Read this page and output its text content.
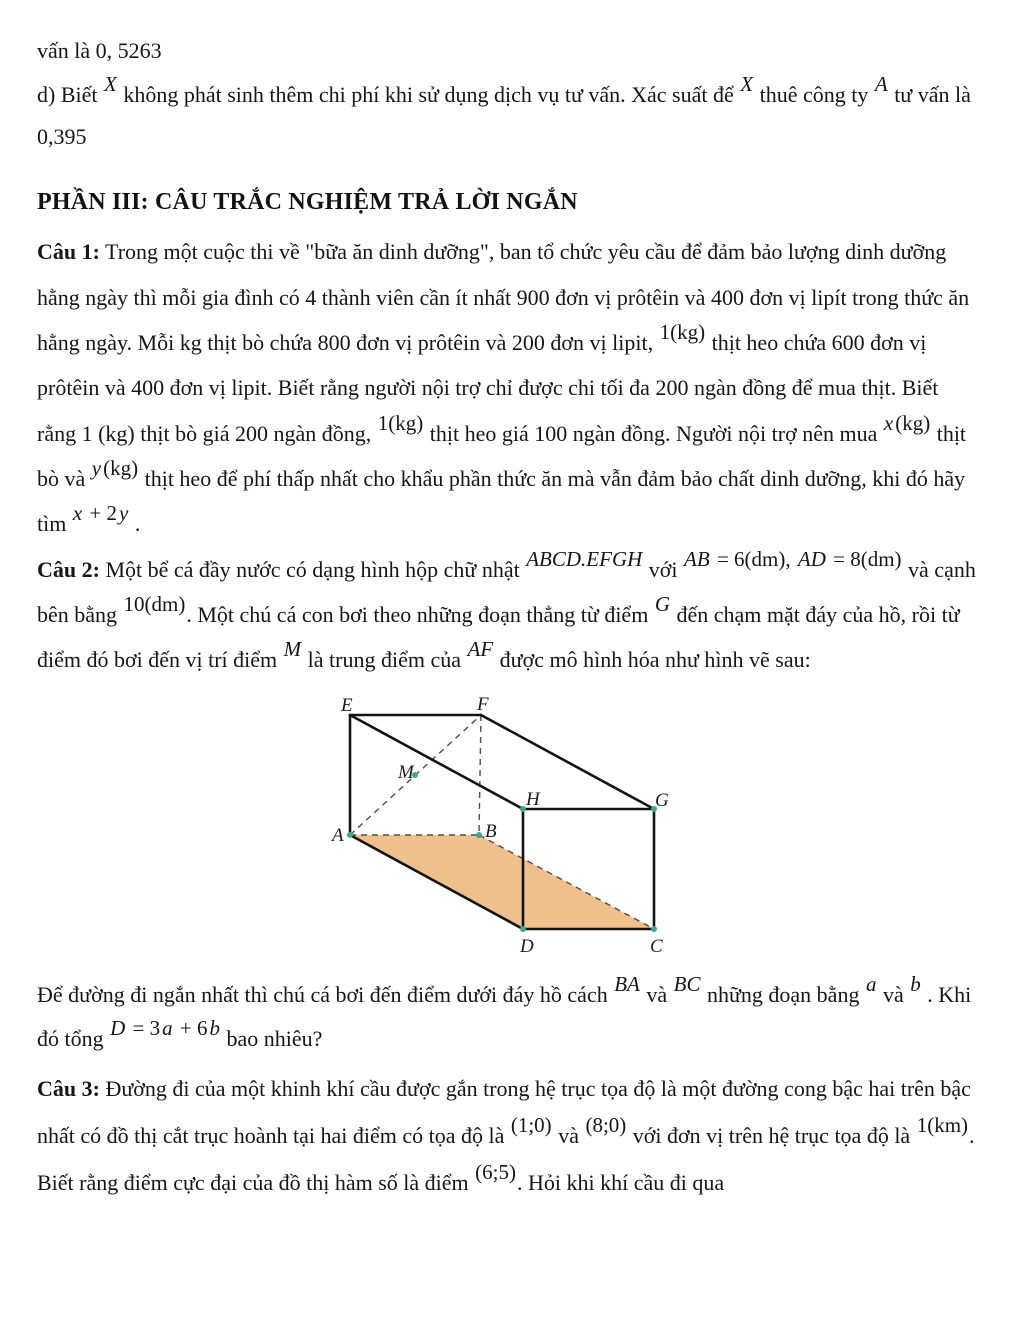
vấn là 0, 5263

d) Biết X không phát sinh thêm chi phí khi sử dụng dịch vụ tư vấn. Xác suất để X thuê công ty A tư vấn là 0,395

PHẦN III: CÂU TRẮC NGHIỆM TRẢ LỜI NGẮN

Câu 1: Trong một cuộc thi về "bữa ăn dinh dưỡng", ban tổ chức yêu cầu để đảm bảo lượng dinh dưỡng hằng ngày thì mỗi gia đình có 4 thành viên cần ít nhất 900 đơn vị prôtêin và 400 đơn vị lipít trong thức ăn hằng ngày. Mỗi kg thịt bò chứa 800 đơn vị prôtêin và 200 đơn vị lipit, 1(kg) thịt heo chứa 600 đơn vị prôtêin và 400 đơn vị lipit. Biết rằng người nội trợ chỉ được chi tối đa 200 ngàn đồng để mua thịt. Biết rằng 1 (kg) thịt bò giá 200 ngàn đồng, 1(kg) thịt heo giá 100 ngàn đồng. Người nội trợ nên mua x(kg) thịt bò và y(kg) thịt heo để phí thấp nhất cho khẩu phần thức ăn mà vẫn đảm bảo chất dinh dưỡng, khi đó hãy tìm x + 2y .

Câu 2: Một bể cá đầy nước có dạng hình hộp chữ nhật ABCD.EFGH với AB = 6(dm), AD = 8(dm) và cạnh bên bằng 10(dm). Một chú cá con bơi theo những đoạn thẳng từ điểm G đến chạm mặt đáy của hồ, rồi từ điểm đó bơi đến vị trí điểm M là trung điểm của AF được mô hình hóa như hình vẽ sau:

E	F
M
A	B
H	G
D	C

Để đường đi ngắn nhất thì chú cá bơi đến điểm dưới đáy hồ cách BA và BC những đoạn bằng a và b . Khi đó tổng D = 3a + 6b bao nhiêu?

Câu 3: Đường đi của một khinh khí cầu được gắn trong hệ trục tọa độ là một đường cong bậc hai trên bậc nhất có đồ thị cắt trục hoành tại hai điểm có tọa độ là (1;0) và (8;0) với đơn vị trên hệ trục tọa độ là 1(km). Biết rằng điểm cực đại của đồ thị hàm số là điểm (6;5). Hỏi khi khí cầu đi qua
